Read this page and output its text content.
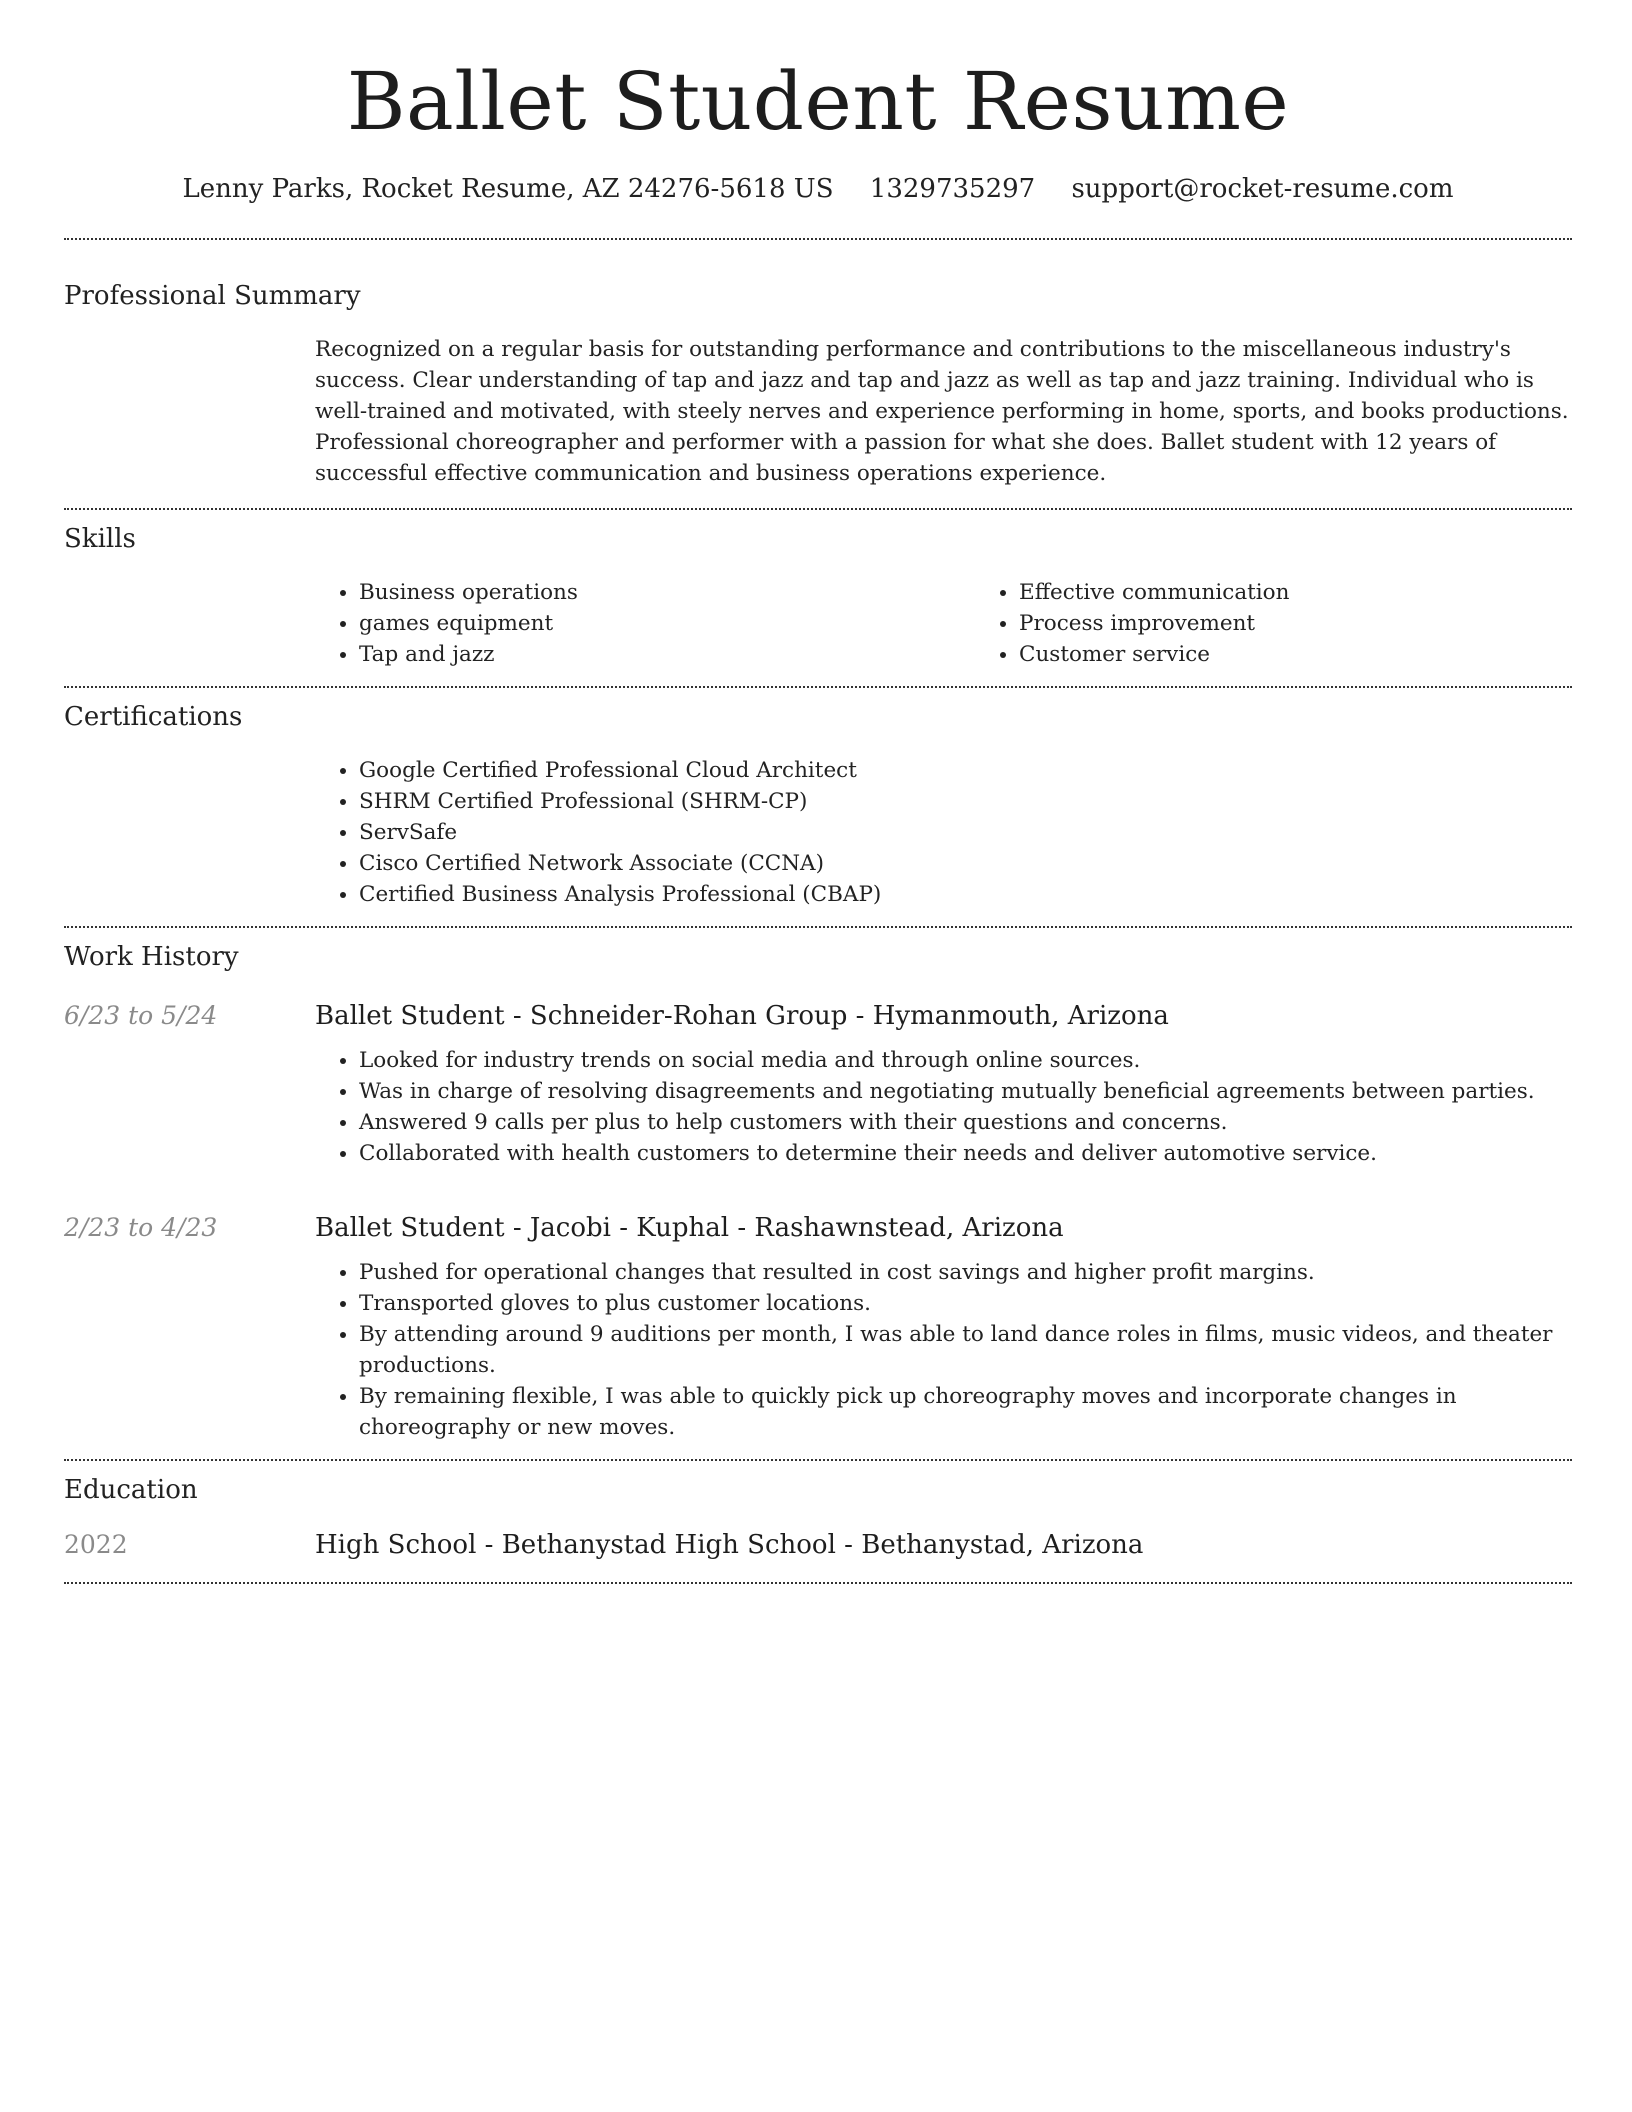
Ballet Student Resume
Lenny Parks, Rocket Resume, AZ 24276-5618 US 1329735297 support@rocket-resume.com
Professional Summary

Recognized on a regular basis for outstanding performance and contributions to the miscellaneous industry's success. Clear understanding of tap and jazz and tap and jazz as well as tap and jazz training. Individual who is well-trained and motivated, with steely nerves and experience performing in home, sports, and books productions. Professional choreographer and performer with a passion for what she does. Ballet student with 12 years of successful effective communication and business operations experience.

Skills
• Business operations
• games equipment
• Tap and jazz
• Effective communication
• Process improvement
• Customer service
Certifications
• Google Certified Professional Cloud Architect
• SHRM Certified Professional (SHRM-CP)
• ServSafe
• Cisco Certified Network Associate (CCNA)
• Certified Business Analysis Professional (CBAP)
Work History
6/23 to 5/24	Ballet Student - Schneider-Rohan Group - Hymanmouth, Arizona
• Looked for industry trends on social media and through online sources.
• Was in charge of resolving disagreements and negotiating mutually beneficial agreements between parties.
• Answered 9 calls per plus to help customers with their questions and concerns.
• Collaborated with health customers to determine their needs and deliver automotive service.
2/23 to 4/23	Ballet Student - Jacobi - Kuphal - Rashawnstead, Arizona
• Pushed for operational changes that resulted in cost savings and higher profit margins.
• Transported gloves to plus customer locations.
• By attending around 9 auditions per month, I was able to land dance roles in films, music videos, and theater productions.
• By remaining flexible, I was able to quickly pick up choreography moves and incorporate changes in choreography or new moves.
Education
2022	High School - Bethanystad High School - Bethanystad, Arizona
